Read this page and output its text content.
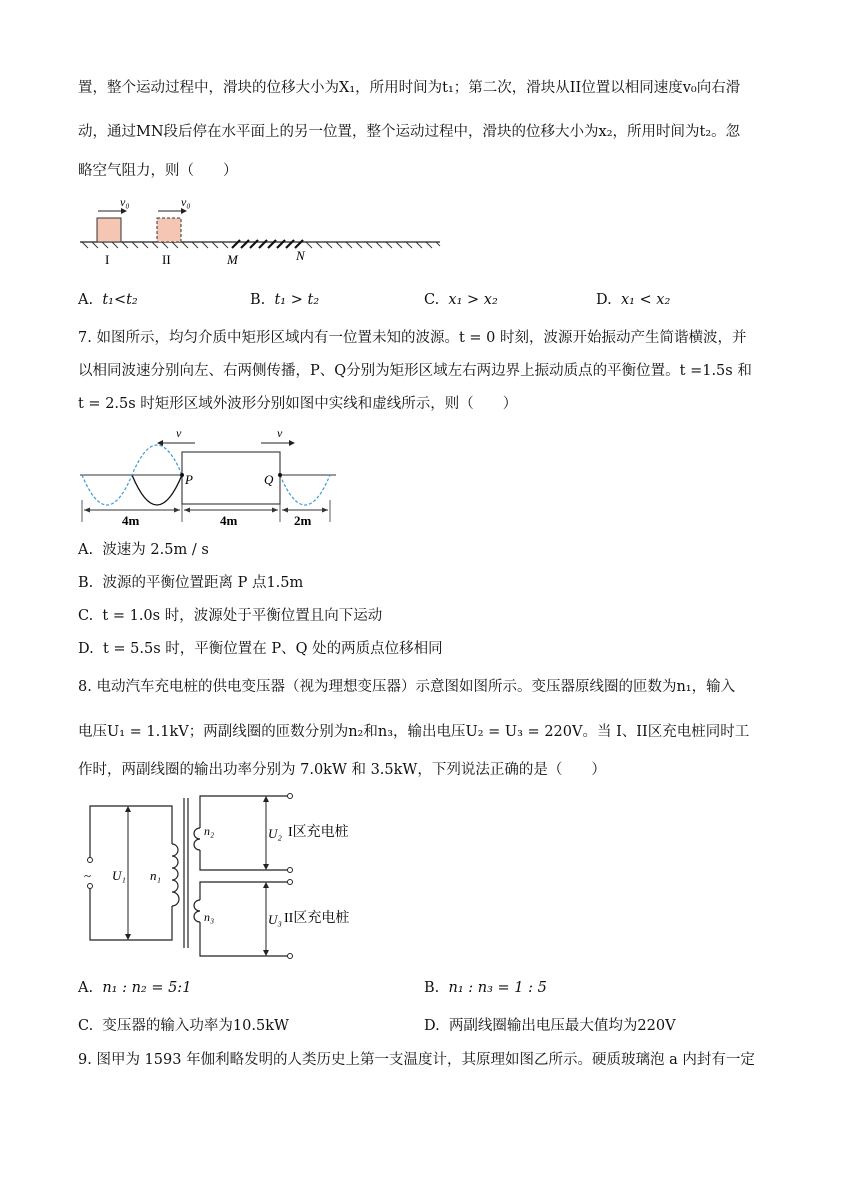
置，整个运动过程中，滑块的位移大小为X₁，所用时间为t₁；第二次，滑块从II位置以相同速度v₀向右滑
动，通过MN段后停在水平面上的另一位置，整个运动过程中，滑块的位移大小为x₂，所用时间为t₂。忽
略空气阻力，则（　　）
v₀	v₀
I	II	M	N
A. t₁<t₂	B. t₁ > t₂	C. x₁ > x₂	D. x₁ < x₂
7. 如图所示，均匀介质中矩形区域内有一位置未知的波源。t = 0 时刻，波源开始振动产生简谐横波，并
以相同波速分别向左、右两侧传播，P、Q分别为矩形区域左右两边界上振动质点的平衡位置。t =1.5s 和
t = 2.5s 时矩形区域外波形分别如图中实线和虚线所示，则（　　）
P	Q
v	v
4m	4m	2m
A. 波速为 2.5m / s
B. 波源的平衡位置距离 P 点1.5m
C. t = 1.0s 时，波源处于平衡位置且向下运动
D. t = 5.5s 时，平衡位置在 P、Q 处的两质点位移相同
8. 电动汽车充电桩的供电变压器（视为理想变压器）示意图如图所示。变压器原线圈的匝数为n₁，输入
电压U₁ = 1.1kV；两副线圈的匝数分别为n₂和n₃，输出电压U₂ = U₃ = 220V。当 I、II区充电桩同时工
作时，两副线圈的输出功率分别为 7.0kW 和 3.5kW，下列说法正确的是（　　）
~ U₁ n₁
n₂	U₂ I区充电桩
n₃	U₃ II区充电桩
A. n₁ : n₂ = 5:1	B. n₁ : n₃ = 1 : 5
C. 变压器的输入功率为10.5kW	D. 两副线圈输出电压最大值均为220V
9. 图甲为 1593 年伽利略发明的人类历史上第一支温度计，其原理如图乙所示。硬质玻璃泡 a 内封有一定
